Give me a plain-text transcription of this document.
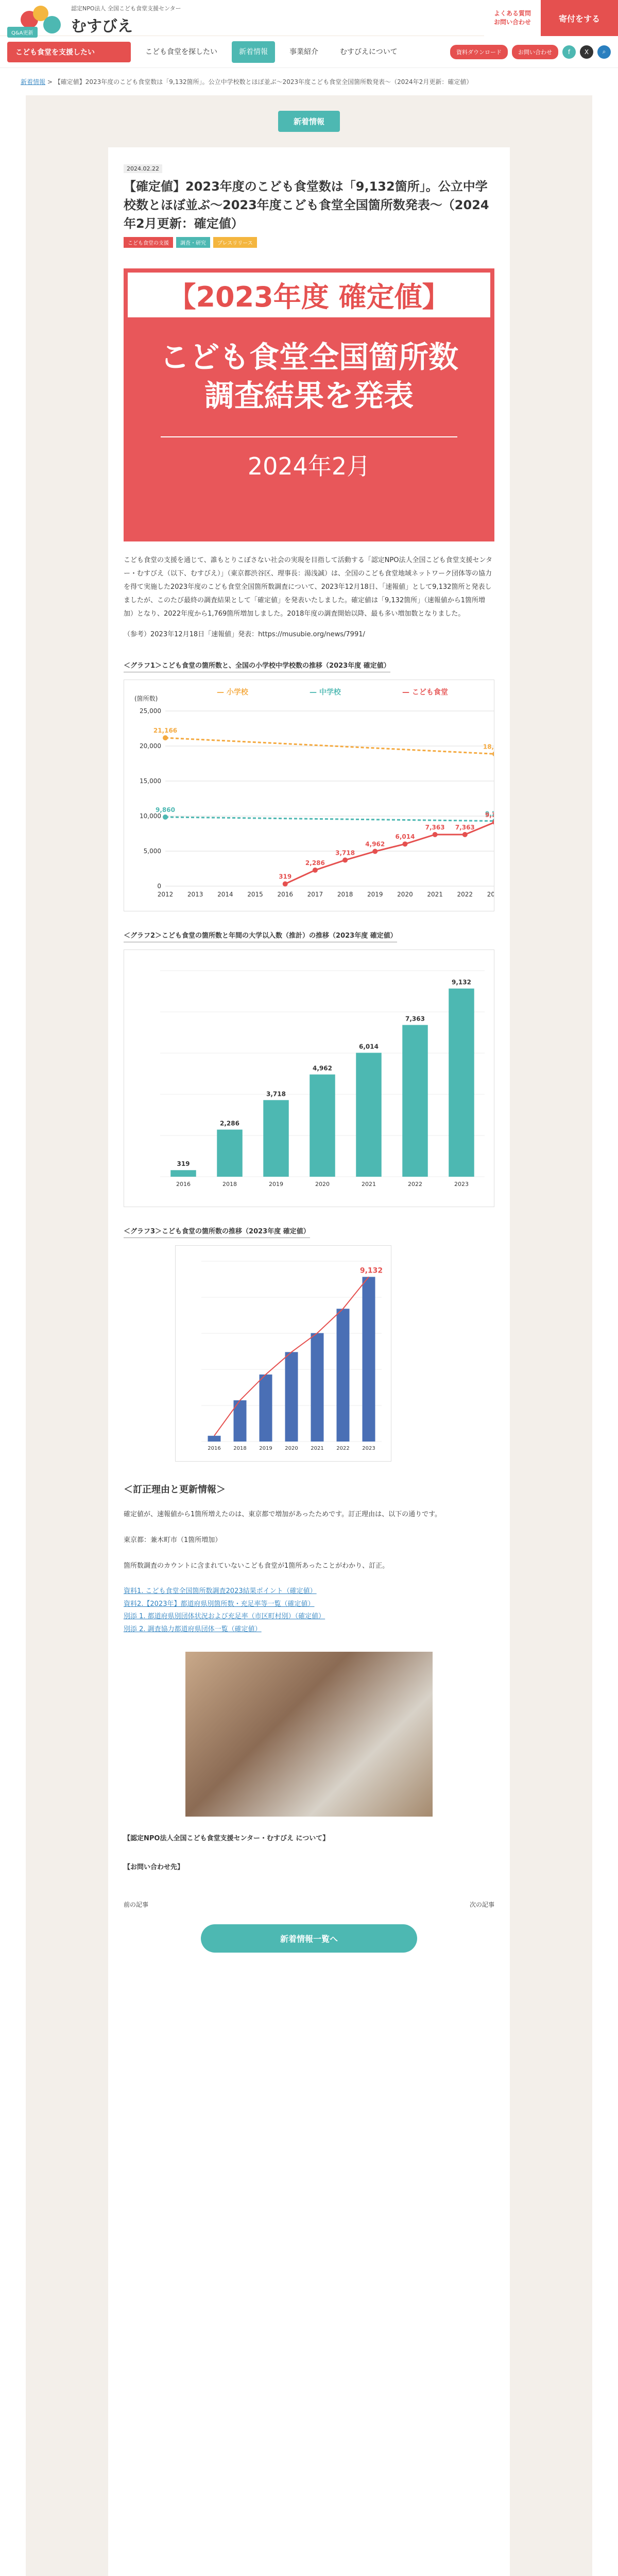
認定NPO法人 全国こども食堂支援センター
むすびえ
Q&A更新
よくある質問
お問い合わせ	寄付をする
こども食堂を支援したい	こども食堂を探したい	新着情報	事業紹介	むすびえについて	資料ダウンロード	お問い合わせ	f	X	⌕
新着情報 > 【確定値】2023年度のこども食堂数は「9,132箇所」。公立中学校数とほぼ並ぶ～2023年度こども食堂全国箇所数発表～（2024年2月更新：確定値）
新着情報
2024.02.22
【確定値】2023年度のこども食堂数は「9,132箇所」。公立中学校数とほぼ並ぶ～2023年度こども食堂全国箇所数発表～（2024年2月更新：確定値）
こども食堂の支援	調査・研究	プレスリリース
【2023年度 確定値】
こども食堂全国箇所数
調査結果を発表
2024年2月

こども食堂の支援を通じて、誰もとりこぼさない社会の実現を目指して活動する「認定NPO法人全国こども食堂支援センター・むすびえ（以下、むすびえ）」（東京都渋谷区、理事長：湯浅誠）は、全国のこども食堂地域ネットワーク団体等の協力を得て実施した2023年度のこども食堂全国箇所数調査について、2023年12月18日、「速報値」として9,132箇所と発表しましたが、このたび最終の調査結果として「確定値」を発表いたしました。確定値は「9,132箇所」（速報値から1箇所増加）となり、2022年度から1,769箇所増加しました。2018年度の調査開始以降、最も多い増加数となりました。

（参考）2023年12月18日「速報値」発表：https://musubie.org/news/7991/

＜グラフ1＞こども食堂の箇所数と、全国の小学校中学校数の推移（2023年度 確定値）
0
5,000
10,000
15,000
20,000
25,000
(箇所数)
2012 2013 2014 2015 2016 2017 2018 2019 2020 2021 2022 20
21,166
18,
— 小学校
9,860
9,
— 中学校
319
2,286
3,718
4,962
6,014
7,363 7,363
9,
— こども食堂
＜グラフ2＞こども食堂の箇所数と年間の大学以入数（推計）の推移（2023年度 確定値）
319
2016
2,286
2018
3,718
2019
4,962
2020
6,014
2021
7,363
2022
9,132
2023
＜グラフ3＞こども食堂の箇所数の推移（2023年度 確定値）
2016 2018 2019 2020 2021 2022 2023
9,132
＜訂正理由と更新情報＞

確定値が、速報値から1箇所増えたのは、東京都で増加があったためです。訂正理由は、以下の通りです。

東京都：兼木町市（1箇所増加）

箇所数調査のカウントに含まれていないこども食堂が1箇所あったことがわかり、訂正。

資料1. こども食堂全国箇所数調査2023結果ポイント（確定値）
資料2.【2023年】都道府県別箇所数・充足率等一覧（確定値）
別添 1. 都道府県別団体状況および充足率（市区町村別）（確定値）
別添 2. 調査協力都道府県団体一覧（確定値）

【認定NPO法人全国こども食堂支援センター・むすびえ について】

【お問い合わせ先】

前の記事	次の記事
新着情報一覧へ
